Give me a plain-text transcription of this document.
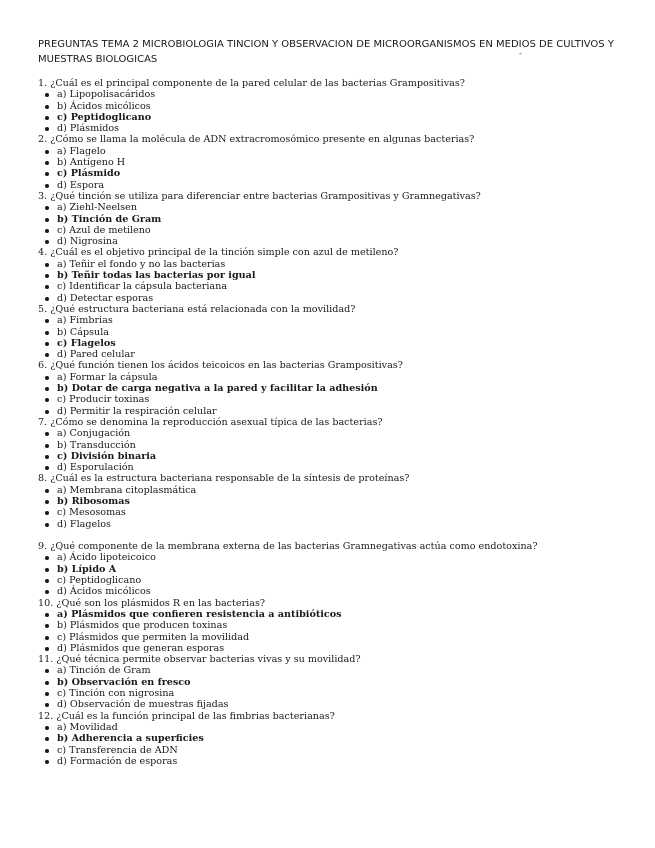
PREGUNTAS TEMA 2 MICROBIOLOGIA TINCION Y OBSERVACION DE MICROORGANISMOS EN MEDIOS DE CULTIVOS Y MUESTRAS BIOLOGICAS
-
1. ¿Cuál es el principal componente de la pared celular de las bacterias Grampositivas?
a) Lipopolisacáridos
b) Ácidos micólicos
c) Peptidoglicano
d) Plásmidos
2. ¿Cómo se llama la molécula de ADN extracromosómico presente en algunas bacterias?
a) Flagelo
b) Antígeno H
c) Plásmido
d) Espora
3. ¿Qué tinción se utiliza para diferenciar entre bacterias Grampositivas y Gramnegativas?
a) Ziehl-Neelsen
b) Tinción de Gram
c) Azul de metileno
d) Nigrosina
4. ¿Cuál es el objetivo principal de la tinción simple con azul de metileno?
a) Teñir el fondo y no las bacterias
b) Teñir todas las bacterias por igual
c) Identificar la cápsula bacteriana
d) Detectar esporas
5. ¿Qué estructura bacteriana está relacionada con la movilidad?
a) Fimbrias
b) Cápsula
c) Flagelos
d) Pared celular
6. ¿Qué función tienen los ácidos teicoicos en las bacterias Grampositivas?
a) Formar la cápsula
b) Dotar de carga negativa a la pared y facilitar la adhesión
c) Producir toxinas
d) Permitir la respiración celular
7. ¿Cómo se denomina la reproducción asexual típica de las bacterias?
a) Conjugación
b) Transducción
c) División binaria
d) Esporulación
8. ¿Cuál es la estructura bacteriana responsable de la síntesis de proteínas?
a) Membrana citoplasmática
b) Ribosomas
c) Mesosomas
d) Flagelos
9. ¿Qué componente de la membrana externa de las bacterias Gramnegativas actúa como endotoxina?
a) Ácido lipoteicoico
b) Lípido A
c) Peptidoglicano
d) Ácidos micólicos
10. ¿Qué son los plásmidos R en las bacterias?
a) Plásmidos que confieren resistencia a antibióticos
b) Plásmidos que producen toxinas
c) Plásmidos que permiten la movilidad
d) Plásmidos que generan esporas
11. ¿Qué técnica permite observar bacterias vivas y su movilidad?
a) Tinción de Gram
b) Observación en fresco
c) Tinción con nigrosina
d) Observación de muestras fijadas
12. ¿Cuál es la función principal de las fimbrias bacterianas?
a) Movilidad
b) Adherencia a superficies
c) Transferencia de ADN
d) Formación de esporas
